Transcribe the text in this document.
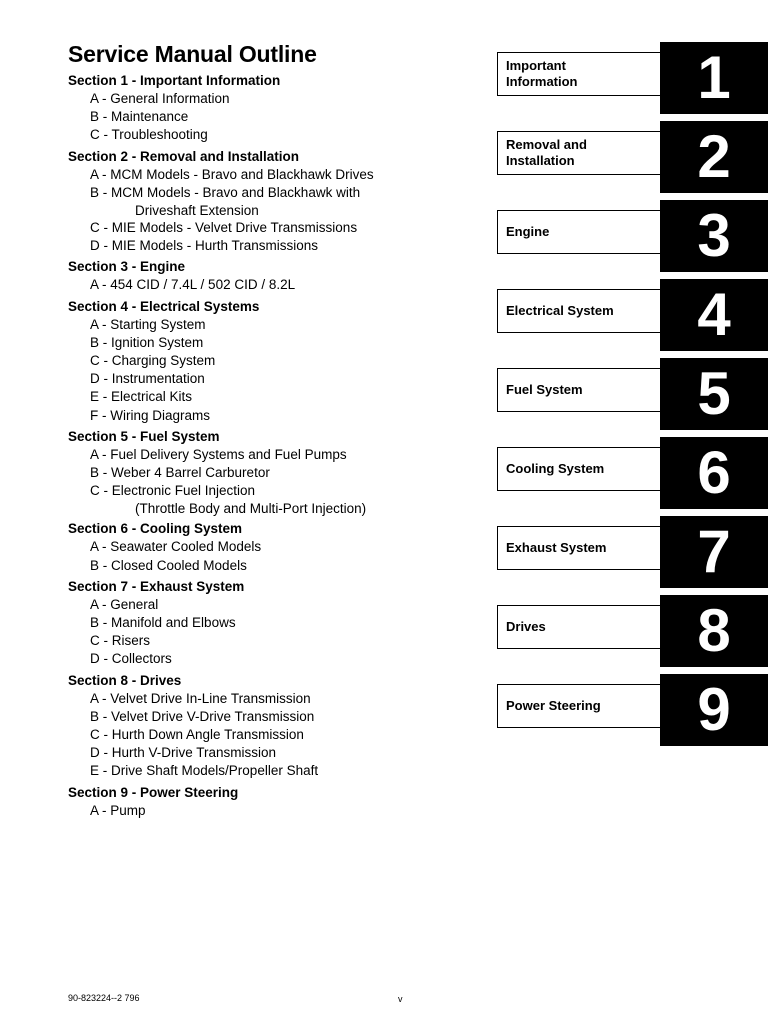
Service Manual Outline
Section 1 - Important Information
A - General Information
B - Maintenance
C - Troubleshooting
Section 2 - Removal and Installation
A - MCM Models - Bravo and Blackhawk Drives
B - MCM Models - Bravo and Blackhawk with
Driveshaft Extension
C - MIE Models - Velvet Drive Transmissions
D - MIE Models - Hurth Transmissions
Section 3 - Engine
A - 454 CID / 7.4L / 502 CID / 8.2L
Section 4 - Electrical Systems
A - Starting System
B - Ignition System
C - Charging System
D - Instrumentation
E - Electrical Kits
F - Wiring Diagrams
Section 5 - Fuel System
A - Fuel Delivery Systems and Fuel Pumps
B - Weber 4 Barrel Carburetor
C - Electronic Fuel Injection
(Throttle Body and Multi-Port Injection)
Section 6 - Cooling System
A - Seawater Cooled Models
B - Closed Cooled Models
Section 7 - Exhaust System
A - General
B - Manifold and Elbows
C - Risers
D - Collectors
Section 8 - Drives
A - Velvet Drive In-Line Transmission
B - Velvet Drive V-Drive Transmission
C - Hurth Down Angle Transmission
D - Hurth V-Drive Transmission
E - Drive Shaft Models/Propeller Shaft
Section 9 - Power Steering
A - Pump
Important
Information 1
Removal and
Installation 2
Engine 3
Electrical System 4
Fuel System 5
Cooling System 6
Exhaust System 7
Drives	8
Power Steering 9
90-823224--2 796	v
